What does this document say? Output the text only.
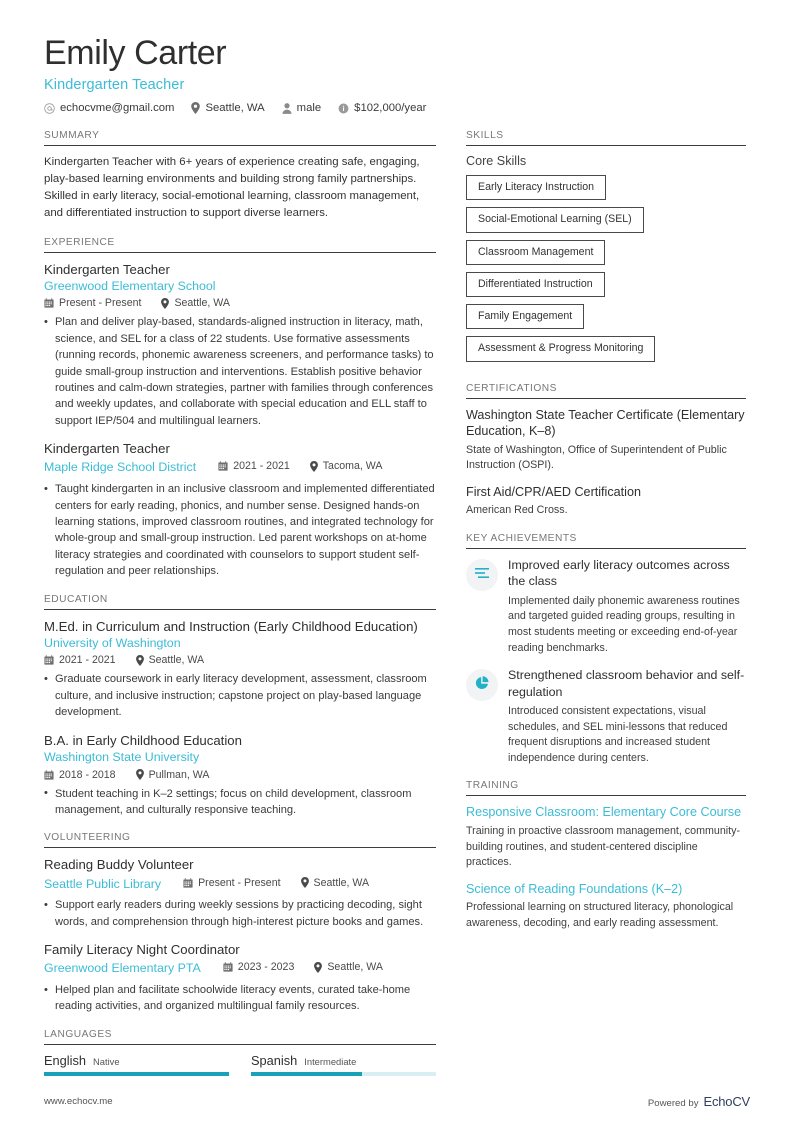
Emily Carter
Kindergarten Teacher
echocvme@gmail.com	Seattle, WA	male	$102,000/year
SUMMARY
Kindergarten Teacher with 6+ years of experience creating safe, engaging, play-based learning environments and building strong family partnerships. Skilled in early literacy, social-emotional learning, classroom management, and differentiated instruction to support diverse learners.
EXPERIENCE
Kindergarten Teacher
Greenwood Elementary School
Present - Present	Seattle, WA
• Plan and deliver play-based, standards-aligned instruction in literacy, math, science, and SEL for a class of 22 students. Use formative assessments (running records, phonemic awareness screeners, and performance tasks) to guide small-group instruction and interventions. Establish positive behavior routines and calm-down strategies, partner with families through conferences and weekly updates, and collaborate with special education and ELL staff to support IEP/504 and multilingual learners.
Kindergarten Teacher
Maple Ridge School District	2021 - 2021	Tacoma, WA
• Taught kindergarten in an inclusive classroom and implemented differentiated centers for early reading, phonics, and number sense. Designed hands-on learning stations, improved classroom routines, and integrated technology for whole-group and small-group instruction. Led parent workshops on at-home literacy strategies and coordinated with counselors to support student self-regulation and peer relationships.
EDUCATION
M.Ed. in Curriculum and Instruction (Early Childhood Education)
University of Washington
2021 - 2021	Seattle, WA
• Graduate coursework in early literacy development, assessment, classroom culture, and inclusive instruction; capstone project on play-based language development.
B.A. in Early Childhood Education
Washington State University
2018 - 2018	Pullman, WA
• Student teaching in K–2 settings; focus on child development, classroom management, and culturally responsive teaching.
VOLUNTEERING
Reading Buddy Volunteer
Seattle Public Library	Present - Present	Seattle, WA
• Support early readers during weekly sessions by practicing decoding, sight words, and comprehension through high-interest picture books and games.
Family Literacy Night Coordinator
Greenwood Elementary PTA	2023 - 2023	Seattle, WA
• Helped plan and facilitate schoolwide literacy events, curated take-home reading activities, and organized multilingual family resources.
LANGUAGES
English Native	Spanish Intermediate
SKILLS
Core Skills
Early Literacy Instruction
Social-Emotional Learning (SEL)
Classroom Management
Differentiated Instruction
Family Engagement
Assessment & Progress Monitoring
CERTIFICATIONS
Washington State Teacher Certificate (Elementary Education, K–8)
State of Washington, Office of Superintendent of Public Instruction (OSPI).
First Aid/CPR/AED Certification
American Red Cross.
KEY ACHIEVEMENTS
Improved early literacy outcomes across the class
Implemented daily phonemic awareness routines and targeted guided reading groups, resulting in most students meeting or exceeding end-of-year reading benchmarks.
Strengthened classroom behavior and self-regulation
Introduced consistent expectations, visual schedules, and SEL mini-lessons that reduced frequent disruptions and increased student independence during centers.
TRAINING
Responsive Classroom: Elementary Core Course
Training in proactive classroom management, community-building routines, and student-centered discipline practices.
Science of Reading Foundations (K–2)
Professional learning on structured literacy, phonological awareness, decoding, and early reading assessment.
www.echocv.me	Powered by EchoCV
